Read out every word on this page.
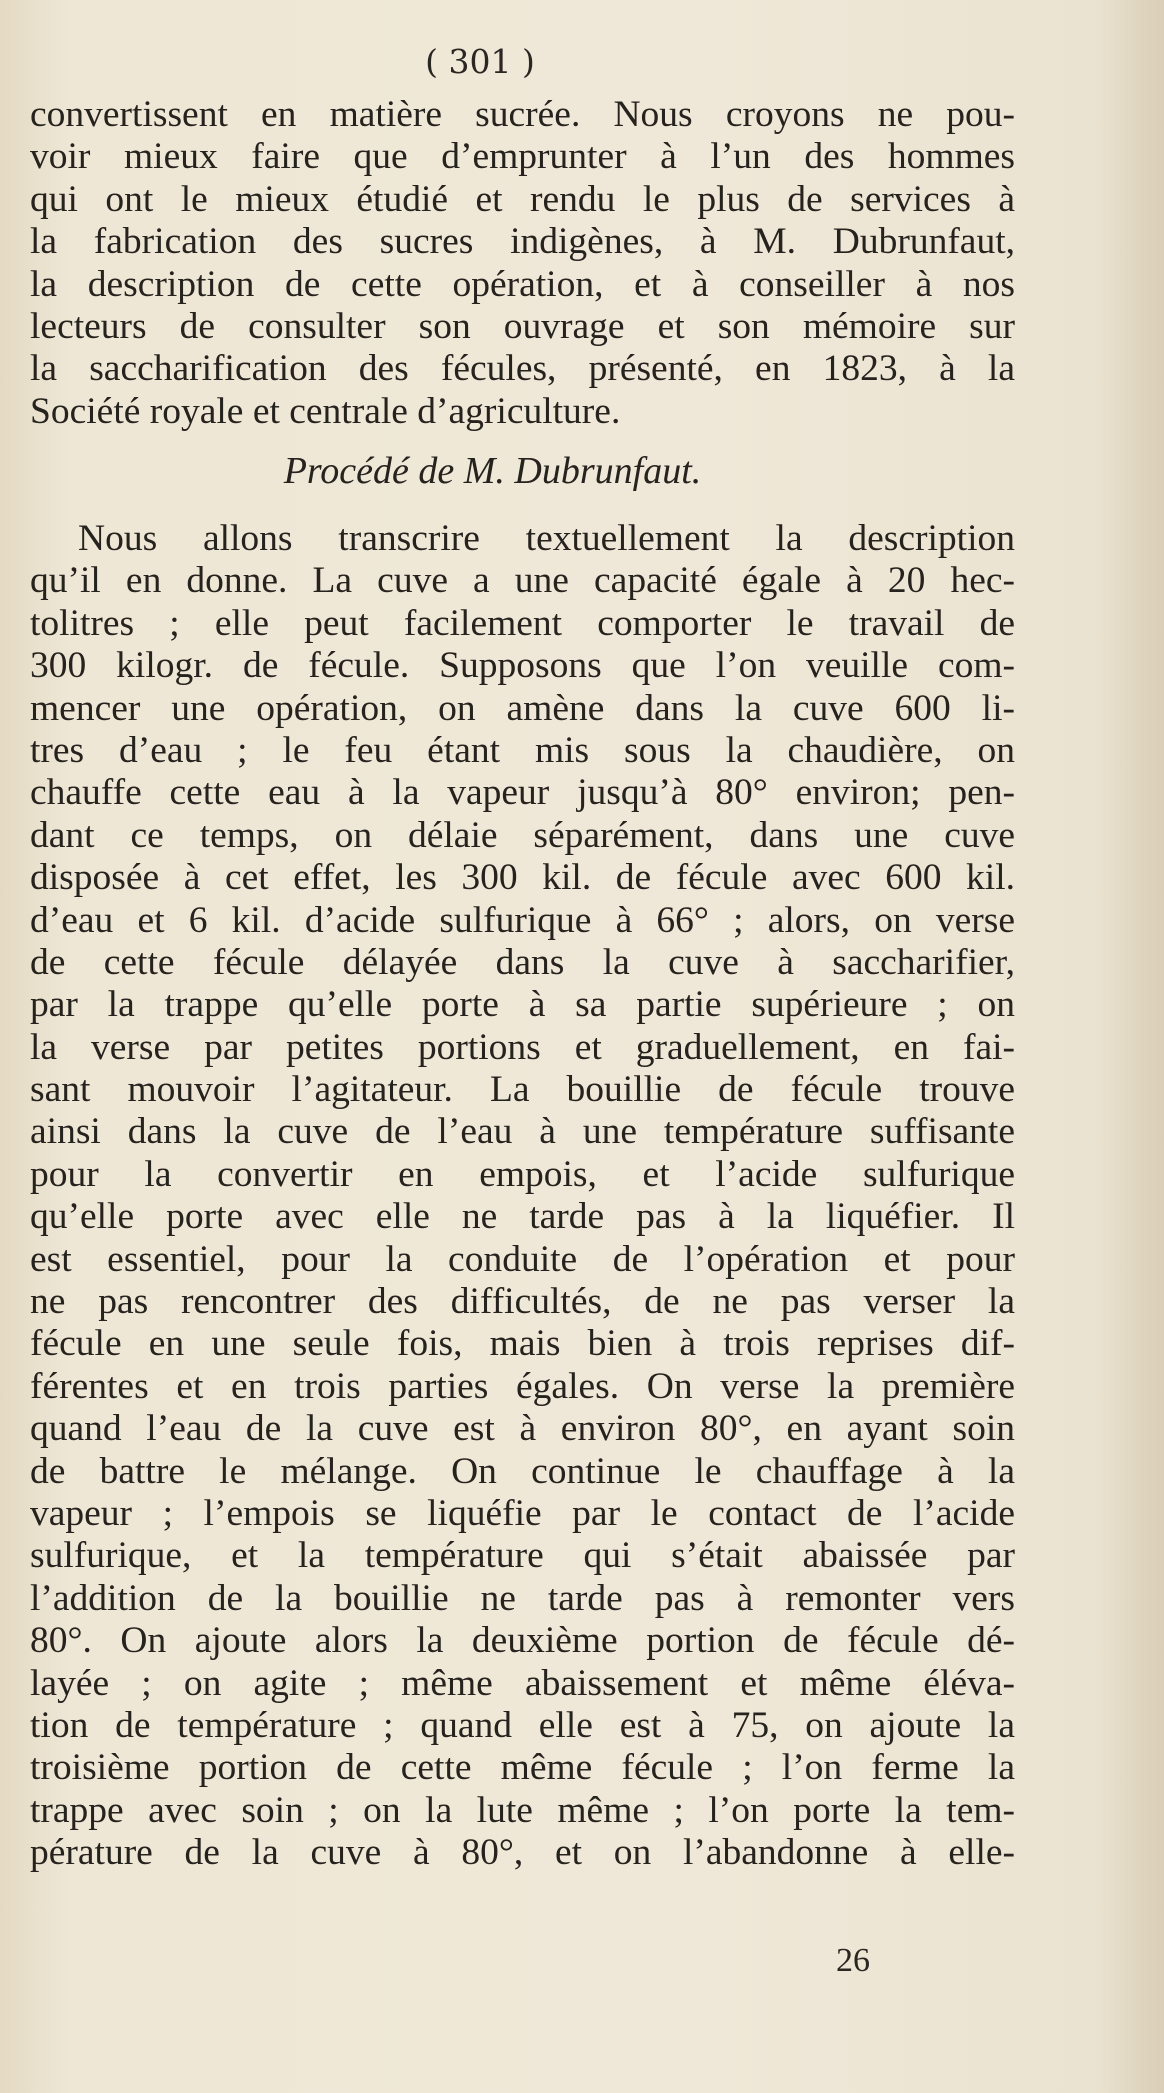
( 301 )
convertissent en matière sucrée. Nous croyons ne pou-
voir mieux faire que d’emprunter à l’un des hommes
qui ont le mieux étudié et rendu le plus de services à
la fabrication des sucres indigènes, à M. Dubrunfaut,
la description de cette opération, et à conseiller à nos
lecteurs de consulter son ouvrage et son mémoire sur
la saccharification des fécules, présenté, en 1823, à la
Société royale et centrale d’agriculture.
Procédé de M. Dubrunfaut.
Nous allons transcrire textuellement la description
qu’il en donne. La cuve a une capacité égale à 20 hec-
tolitres ; elle peut facilement comporter le travail de
300 kilogr. de fécule. Supposons que l’on veuille com-
mencer une opération, on amène dans la cuve 600 li-
tres d’eau ; le feu étant mis sous la chaudière, on
chauffe cette eau à la vapeur jusqu’à 80° environ; pen-
dant ce temps, on délaie séparément, dans une cuve
disposée à cet effet, les 300 kil. de fécule avec 600 kil.
d’eau et 6 kil. d’acide sulfurique à 66° ; alors, on verse
de cette fécule délayée dans la cuve à saccharifier,
par la trappe qu’elle porte à sa partie supérieure ; on
la verse par petites portions et graduellement, en fai-
sant mouvoir l’agitateur. La bouillie de fécule trouve
ainsi dans la cuve de l’eau à une température suffisante
pour la convertir en empois, et l’acide sulfurique
qu’elle porte avec elle ne tarde pas à la liquéfier. Il
est essentiel, pour la conduite de l’opération et pour
ne pas rencontrer des difficultés, de ne pas verser la
fécule en une seule fois, mais bien à trois reprises dif-
férentes et en trois parties égales. On verse la première
quand l’eau de la cuve est à environ 80°, en ayant soin
de battre le mélange. On continue le chauffage à la
vapeur ; l’empois se liquéfie par le contact de l’acide
sulfurique, et la température qui s’était abaissée par
l’addition de la bouillie ne tarde pas à remonter vers
80°. On ajoute alors la deuxième portion de fécule dé-
layée ; on agite ; même abaissement et même éléva-
tion de température ; quand elle est à 75, on ajoute la
troisième portion de cette même fécule ; l’on ferme la
trappe avec soin ; on la lute même ; l’on porte la tem-
pérature de la cuve à 80°, et on l’abandonne à elle-
26
